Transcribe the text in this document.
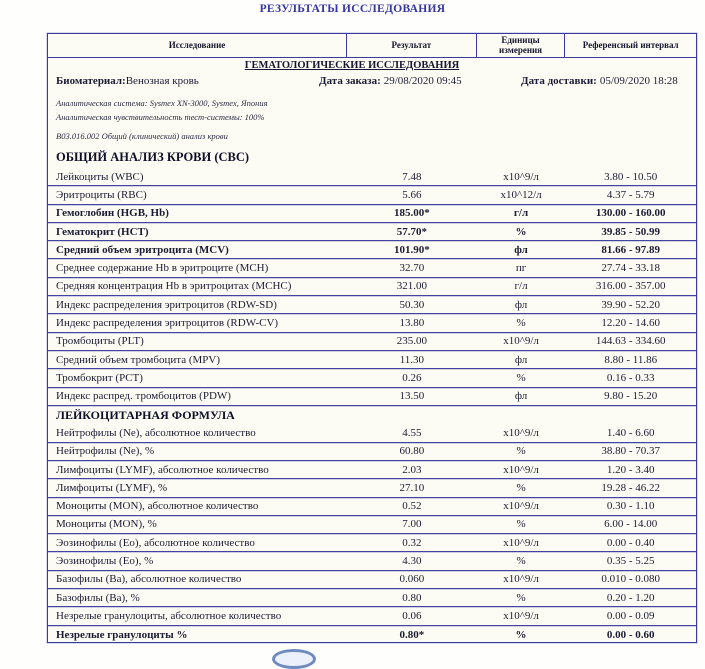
РЕЗУЛЬТАТЫ ИССЛЕДОВАНИЯ
Исследование	Результат	Единицы измерения	Референсный интервал
ГЕМАТОЛОГИЧЕСКИЕ ИССЛЕДОВАНИЯ
Биоматериал:Венозная кровь	Дата заказа: 29/08/2020 09:45	Дата доставки: 05/09/2020 18:28
Аналитическая система: Sysmex XN-3000, Sysmex, Япония
Аналитическая чувствительность тест-системы: 100%
В03.016.002 Общий (клинический) анализ крови
ОБЩИЙ АНАЛИЗ КРОВИ (СВС)
Лейкоциты (WBC)	7.48	х10^9/л	3.80 - 10.50
Эритроциты (RBC)	5.66	х10^12/л	4.37 - 5.79
Гемоглобин (HGB, Hb)	185.00*	г/л	130.00 - 160.00
Гематокрит (HCT)	57.70*	%	39.85 - 50.99
Средний объем эритроцита (MCV)	101.90*	фл	81.66 - 97.89
Среднее содержание Hb в эритроците (MCH)	32.70	пг	27.74 - 33.18
Средняя концентрация Hb в эритроцитах (MCHC)	321.00	г/л	316.00 - 357.00
Индекс распределения эритроцитов (RDW-SD)	50.30	фл	39.90 - 52.20
Индекс распределения эритроцитов (RDW-CV)	13.80	%	12.20 - 14.60
Тромбоциты (PLT)	235.00	х10^9/л	144.63 - 334.60
Средний объем тромбоцита (MPV)	11.30	фл	8.80 - 11.86
Тромбокрит (PCT)	0.26	%	0.16 - 0.33
Индекс распред. тромбоцитов (PDW)	13.50	фл	9.80 - 15.20
ЛЕЙКОЦИТАРНАЯ ФОРМУЛА
Нейтрофилы (Ne), абсолютное количество	4.55	х10^9/л	1.40 - 6.60
Нейтрофилы (Ne), %	60.80	%	38.80 - 70.37
Лимфоциты (LYMF), абсолютное количество	2.03	х10^9/л	1.20 - 3.40
Лимфоциты (LYMF), %	27.10	%	19.28 - 46.22
Моноциты (MON), абсолютное количество	0.52	х10^9/л	0.30 - 1.10
Моноциты (MON), %	7.00	%	6.00 - 14.00
Эозинофилы (Eo), абсолютное количество	0.32	х10^9/л	0.00 - 0.40
Эозинофилы (Eo), %	4.30	%	0.35 - 5.25
Базофилы (Ba), абсолютное количество	0.060	х10^9/л	0.010 - 0.080
Базофилы (Ba), %	0.80	%	0.20 - 1.20
Незрелые гранулоциты, абсолютное количество	0.06	х10^9/л	0.00 - 0.09
Незрелые гранулоциты %	0.80*	%	0.00 - 0.60
